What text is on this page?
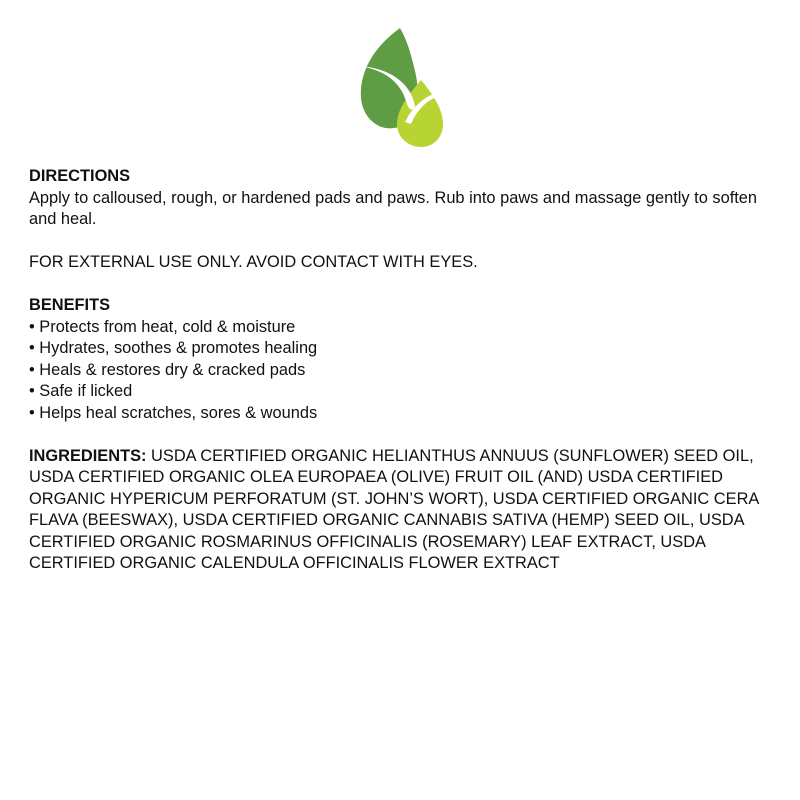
DIRECTIONS

Apply to calloused, rough, or hardened pads and paws. Rub into paws and massage gently to soften and heal.

FOR EXTERNAL USE ONLY. AVOID CONTACT WITH EYES.

BENEFITS

• Protects from heat, cold & moisture
• Hydrates, soothes & promotes healing
• Heals & restores dry & cracked pads
• Safe if licked
• Helps heal scratches, sores & wounds

INGREDIENTS: USDA CERTIFIED ORGANIC HELIANTHUS ANNUUS (SUNFLOWER) SEED OIL, USDA CERTIFIED ORGANIC OLEA EUROPAEA (OLIVE) FRUIT OIL (AND) USDA CERTIFIED ORGANIC HYPERICUM PERFORATUM (ST. JOHN’S WORT), USDA CERTIFIED ORGANIC CERA FLAVA (BEESWAX), USDA CERTIFIED ORGANIC CANNABIS SATIVA (HEMP) SEED OIL, USDA CERTIFIED ORGANIC ROSMARINUS OFFICINALIS (ROSEMARY) LEAF EXTRACT, USDA CERTIFIED ORGANIC CALENDULA OFFICINALIS FLOWER EXTRACT
